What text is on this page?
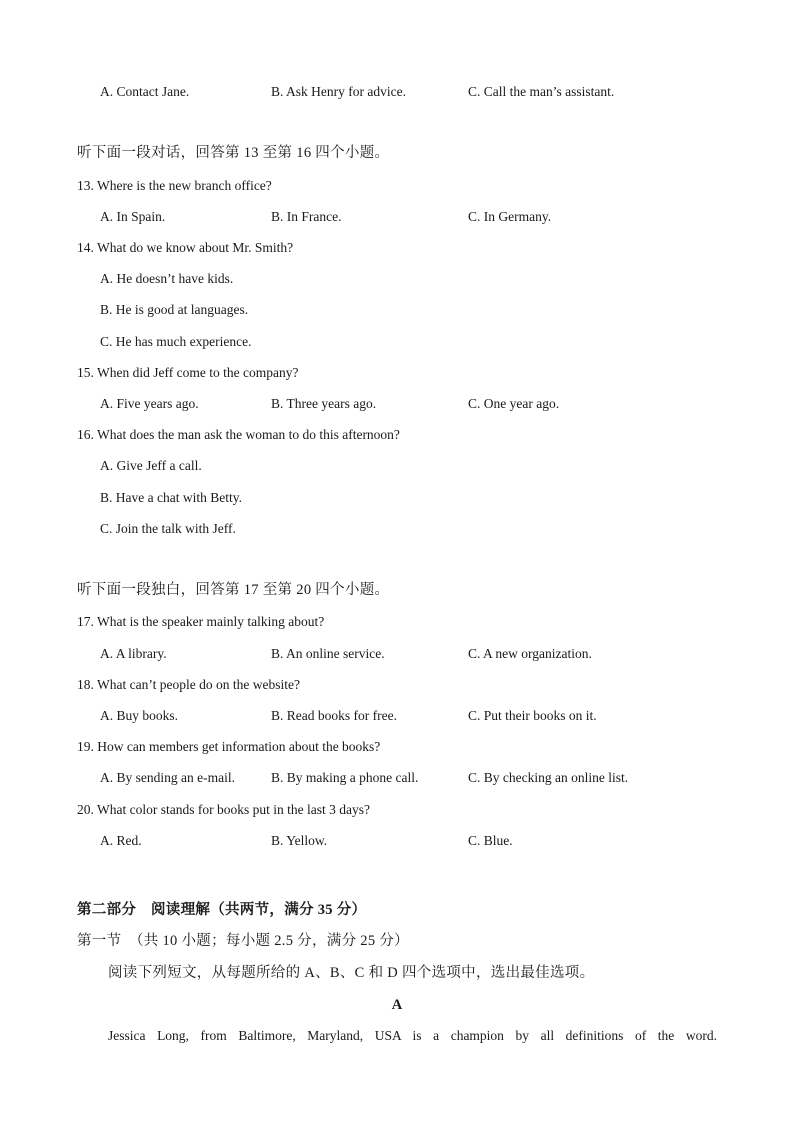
A. Contact Jane.	B. Ask Henry for advice.	C. Call the man’s assistant.
听下面一段对话，回答第 13 至第 16 四个小题。
13. Where is the new branch office?
A. In Spain.	B. In France.	C. In Germany.
14. What do we know about Mr. Smith?
A. He doesn’t have kids.
B. He is good at languages.
C. He has much experience.
15. When did Jeff come to the company?
A. Five years ago.	B. Three years ago.	C. One year ago.
16. What does the man ask the woman to do this afternoon?
A. Give Jeff a call.
B. Have a chat with Betty.
C. Join the talk with Jeff.
听下面一段独白，回答第 17 至第 20 四个小题。
17. What is the speaker mainly talking about?
A. A library.	B. An online service.	C. A new organization.
18. What can’t people do on the website?
A. Buy books.	B. Read books for free.	C. Put their books on it.
19. How can members get information about the books?
A. By sending an e-mail.	B. By making a phone call.	C. By checking an online list.
20. What color stands for books put in the last 3 days?
A. Red.	B. Yellow.	C. Blue.
第二部分　阅读理解（共两节，满分 35 分）
第一节　（共 10 小题；每小题 2.5 分，满分 25 分）
阅读下列短文，从每题所给的 A、B、C 和 D 四个选项中，选出最佳选项。
A
Jessica Long, from Baltimore, Maryland, USA is a champion by all definitions of the word.
